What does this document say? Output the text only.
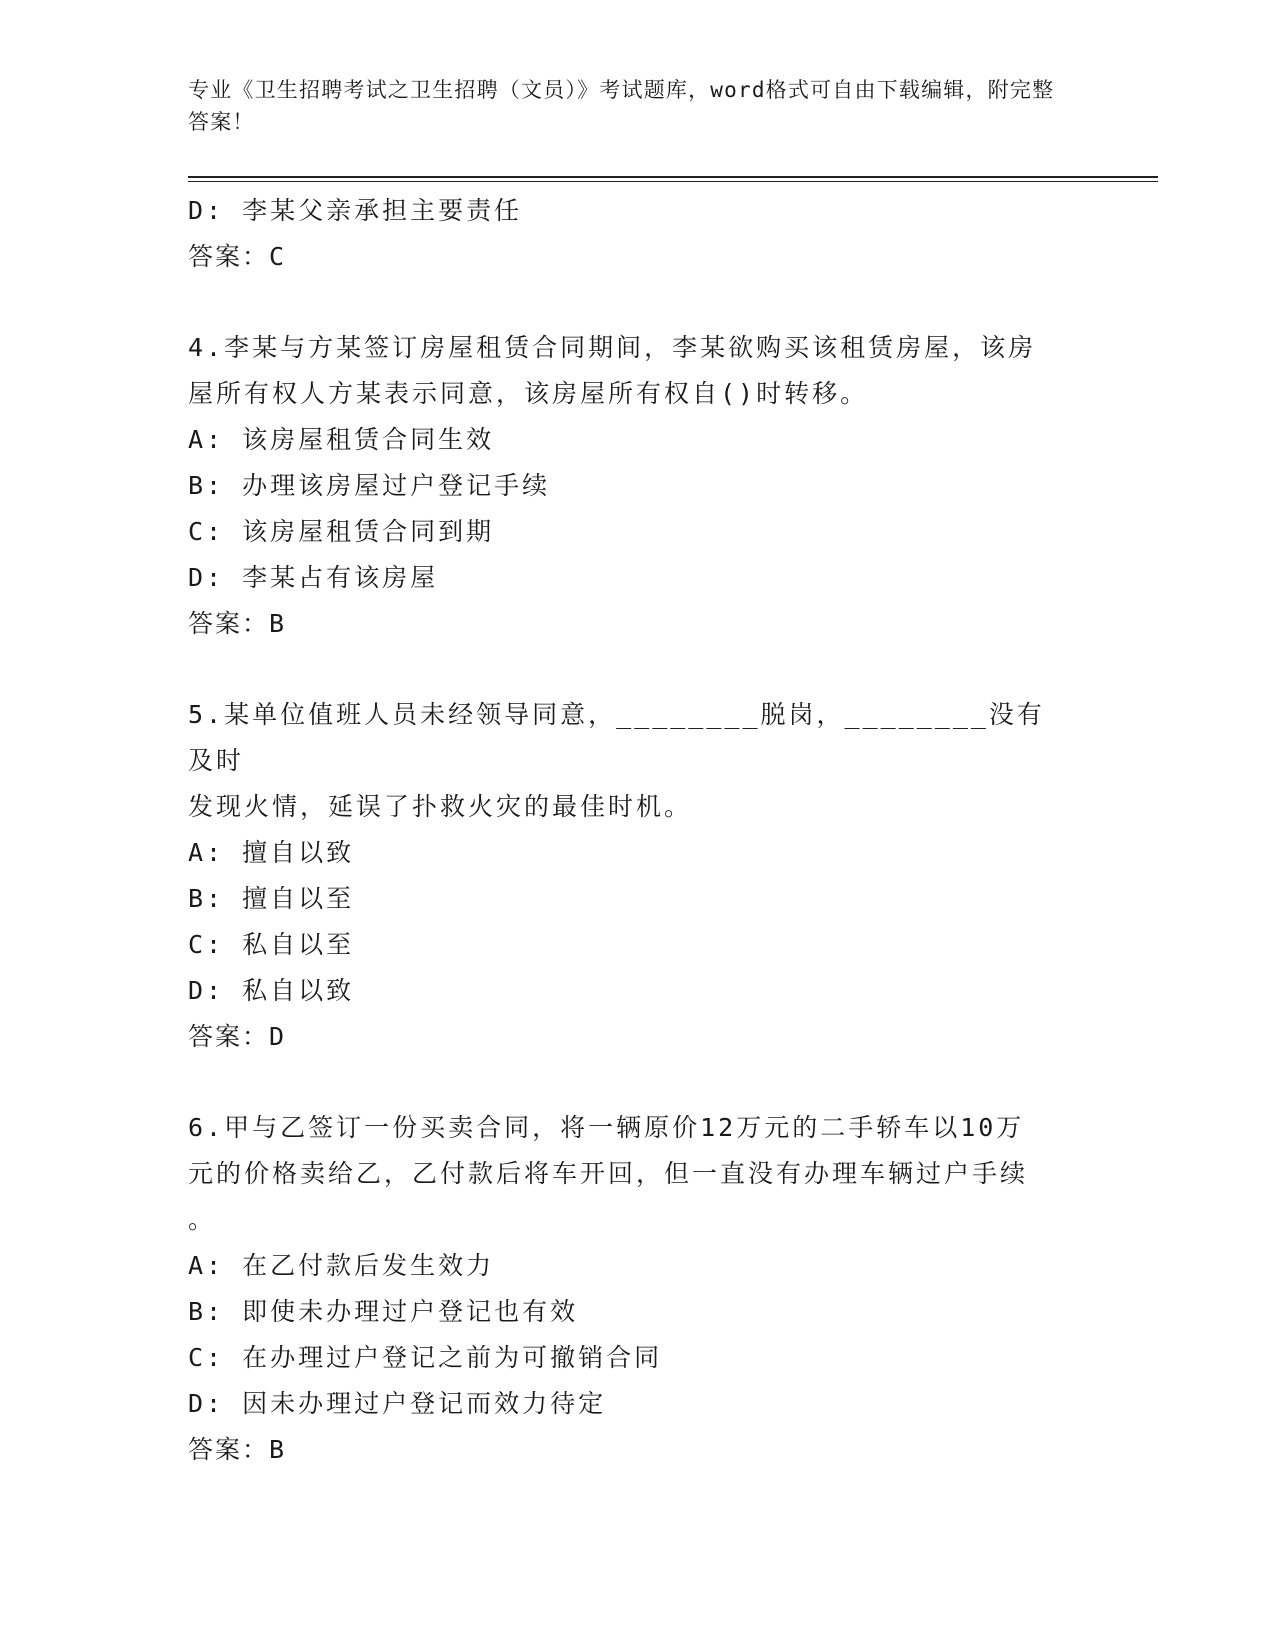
专业《卫生招聘考试之卫生招聘（文员）》考试题库，word格式可自由下载编辑，附完整答案！
D: 李某父亲承担主要责任
答案：C
4.李某与方某签订房屋租赁合同期间，李某欲购买该租赁房屋，该房
屋所有权人方某表示同意，该房屋所有权自()时转移。
A: 该房屋租赁合同生效
B: 办理该房屋过户登记手续
C: 该房屋租赁合同到期
D: 李某占有该房屋
答案：B
5.某单位值班人员未经领导同意，________脱岗，________没有及时
发现火情，延误了扑救火灾的最佳时机。
A: 擅自以致
B: 擅自以至
C: 私自以至
D: 私自以致
答案：D
6.甲与乙签订一份买卖合同，将一辆原价12万元的二手轿车以10万
元的价格卖给乙，乙付款后将车开回，但一直没有办理车辆过户手续
。
A: 在乙付款后发生效力
B: 即使未办理过户登记也有效
C: 在办理过户登记之前为可撤销合同
D: 因未办理过户登记而效力待定
答案：B
